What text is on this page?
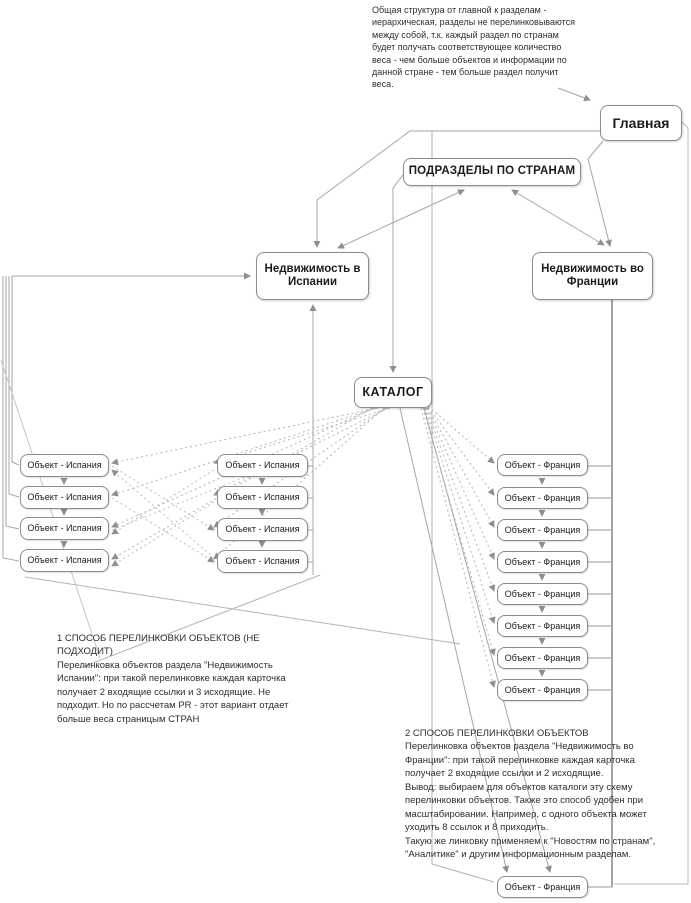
Общая структура от главной к разделам - иерархическая, разделы не перелинковываются между собой, т.к. каждый раздел по странам будет получать соответствующее количество веса - чем больше объектов и информации по данной стране - тем больше раздел получит веса.
Главная
ПОДРАЗДЕЛЫ ПО СТРАНАМ
Недвижимость в Испании
Недвижимость во Франции
КАТАЛОГ
Объект - Испания
Объект - Испания
Объект - Испания
Объект - Испания
Объект - Испания
Объект - Испания
Объект - Испания
Объект - Испания
Объект - Франция
Объект - Франция
Объект - Франция
Объект - Франция
Объект - Франция
Объект - Франция
Объект - Франция
Объект - Франция
Объект - Франция

1 СПОСОБ ПЕРЕЛИНКОВКИ ОБЪЕКТОВ (НЕ ПОДХОДИТ)

Перелинковка объектов раздела "Недвижимость Испании": при такой перелинковке каждая карточка получает 2 входящие ссылки и 3 исходящие. Не подходит. Но по рассчетам PR - этот вариант отдает больше веса страницым СТРАН

2 СПОСОБ ПЕРЕЛИНКОВКИ ОБЪЕКТОВ

Перелинковка объектов раздела "Недвижимость во Франции": при такой перелинковке каждая карточка получает 2 входящие ссылки и 2 исходящие.

Вывод: выбираем для объектов каталоги эту схему перелинковки объектов. Также это способ удобен при масштабировании. Например, с одного объекта может уходить 8 ссылок и 8 приходить.

Такую же линковку применяем к "Новостям по странам", "Аналитике" и другим информационным разделам.
